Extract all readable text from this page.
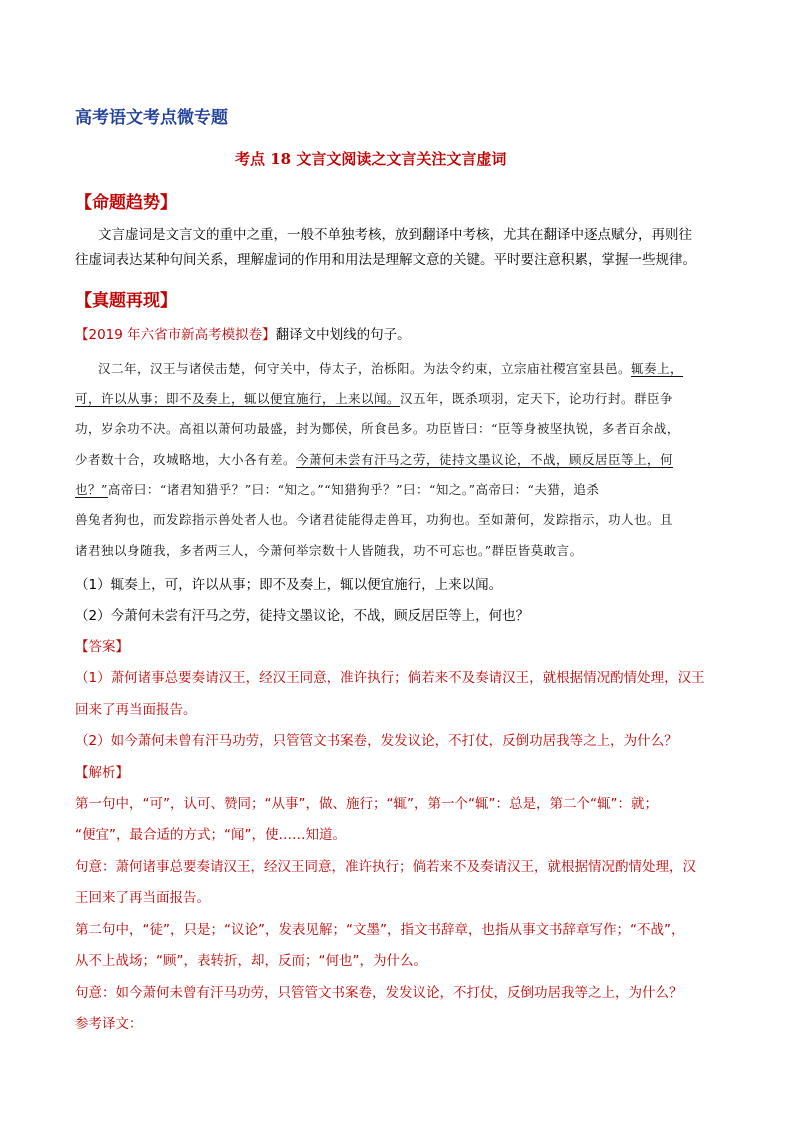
高考语文考点微专题
考点 18 文言文阅读之文言关注文言虚词
【命题趋势】
文言虚词是文言文的重中之重，一般不单独考核，放到翻译中考核，尤其在翻译中逐点赋分，再则往
往虚词表达某种句间关系，理解虚词的作用和用法是理解文意的关键。平时要注意积累，掌握一些规律。
【真题再现】
【2019 年六省市新高考模拟卷】翻译文中划线的句子。
汉二年，汉王与诸侯击楚，何守关中，侍太子，治栎阳。为法令约束，立宗庙社稷宫室县邑。辄奏上，
可，许以从事；即不及奏上，辄以便宜施行，上来以闻。汉五年，既杀项羽，定天下，论功行封。群臣争
功，岁余功不决。高祖以萧何功最盛，封为酂侯，所食邑多。功臣皆曰：“臣等身被坚执锐，多者百余战，
少者数十合，攻城略地，大小各有差。今萧何未尝有汗马之劳，徒持文墨议论，不战，顾反居臣等上，何
也？”高帝曰：“诸君知猎乎？”曰：“知之。”“知猎狗乎？”曰：“知之。”高帝曰：“夫猎，追杀
兽兔者狗也，而发踪指示兽处者人也。今诸君徒能得走兽耳，功狗也。至如萧何，发踪指示，功人也。且
诸君独以身随我，多者两三人，今萧何举宗数十人皆随我，功不可忘也。”群臣皆莫敢言。
（1）辄奏上，可，许以从事；即不及奏上，辄以便宜施行，上来以闻。
（2）今萧何未尝有汗马之劳，徒持文墨议论，不战，顾反居臣等上，何也？
【答案】
（1）萧何诸事总要奏请汉王，经汉王同意，准许执行；倘若来不及奏请汉王，就根据情况酌情处理，汉王
回来了再当面报告。
（2）如今萧何未曾有汗马功劳，只管管文书案卷，发发议论，不打仗，反倒功居我等之上，为什么？
【解析】
第一句中，“可”，认可、赞同；“从事”，做、施行；“辄”，第一个“辄”：总是，第二个“辄”：就；
“便宜”，最合适的方式；“闻”，使……知道。
句意：萧何诸事总要奏请汉王，经汉王同意，准许执行；倘若来不及奏请汉王，就根据情况酌情处理，汉
王回来了再当面报告。
第二句中，“徒”，只是；“议论”，发表见解；“文墨”，指文书辞章，也指从事文书辞章写作；“不战”，
从不上战场；“顾”，表转折，却，反而；“何也”，为什么。
句意：如今萧何未曾有汗马功劳，只管管文书案卷，发发议论，不打仗，反倒功居我等之上，为什么？
参考译文：
